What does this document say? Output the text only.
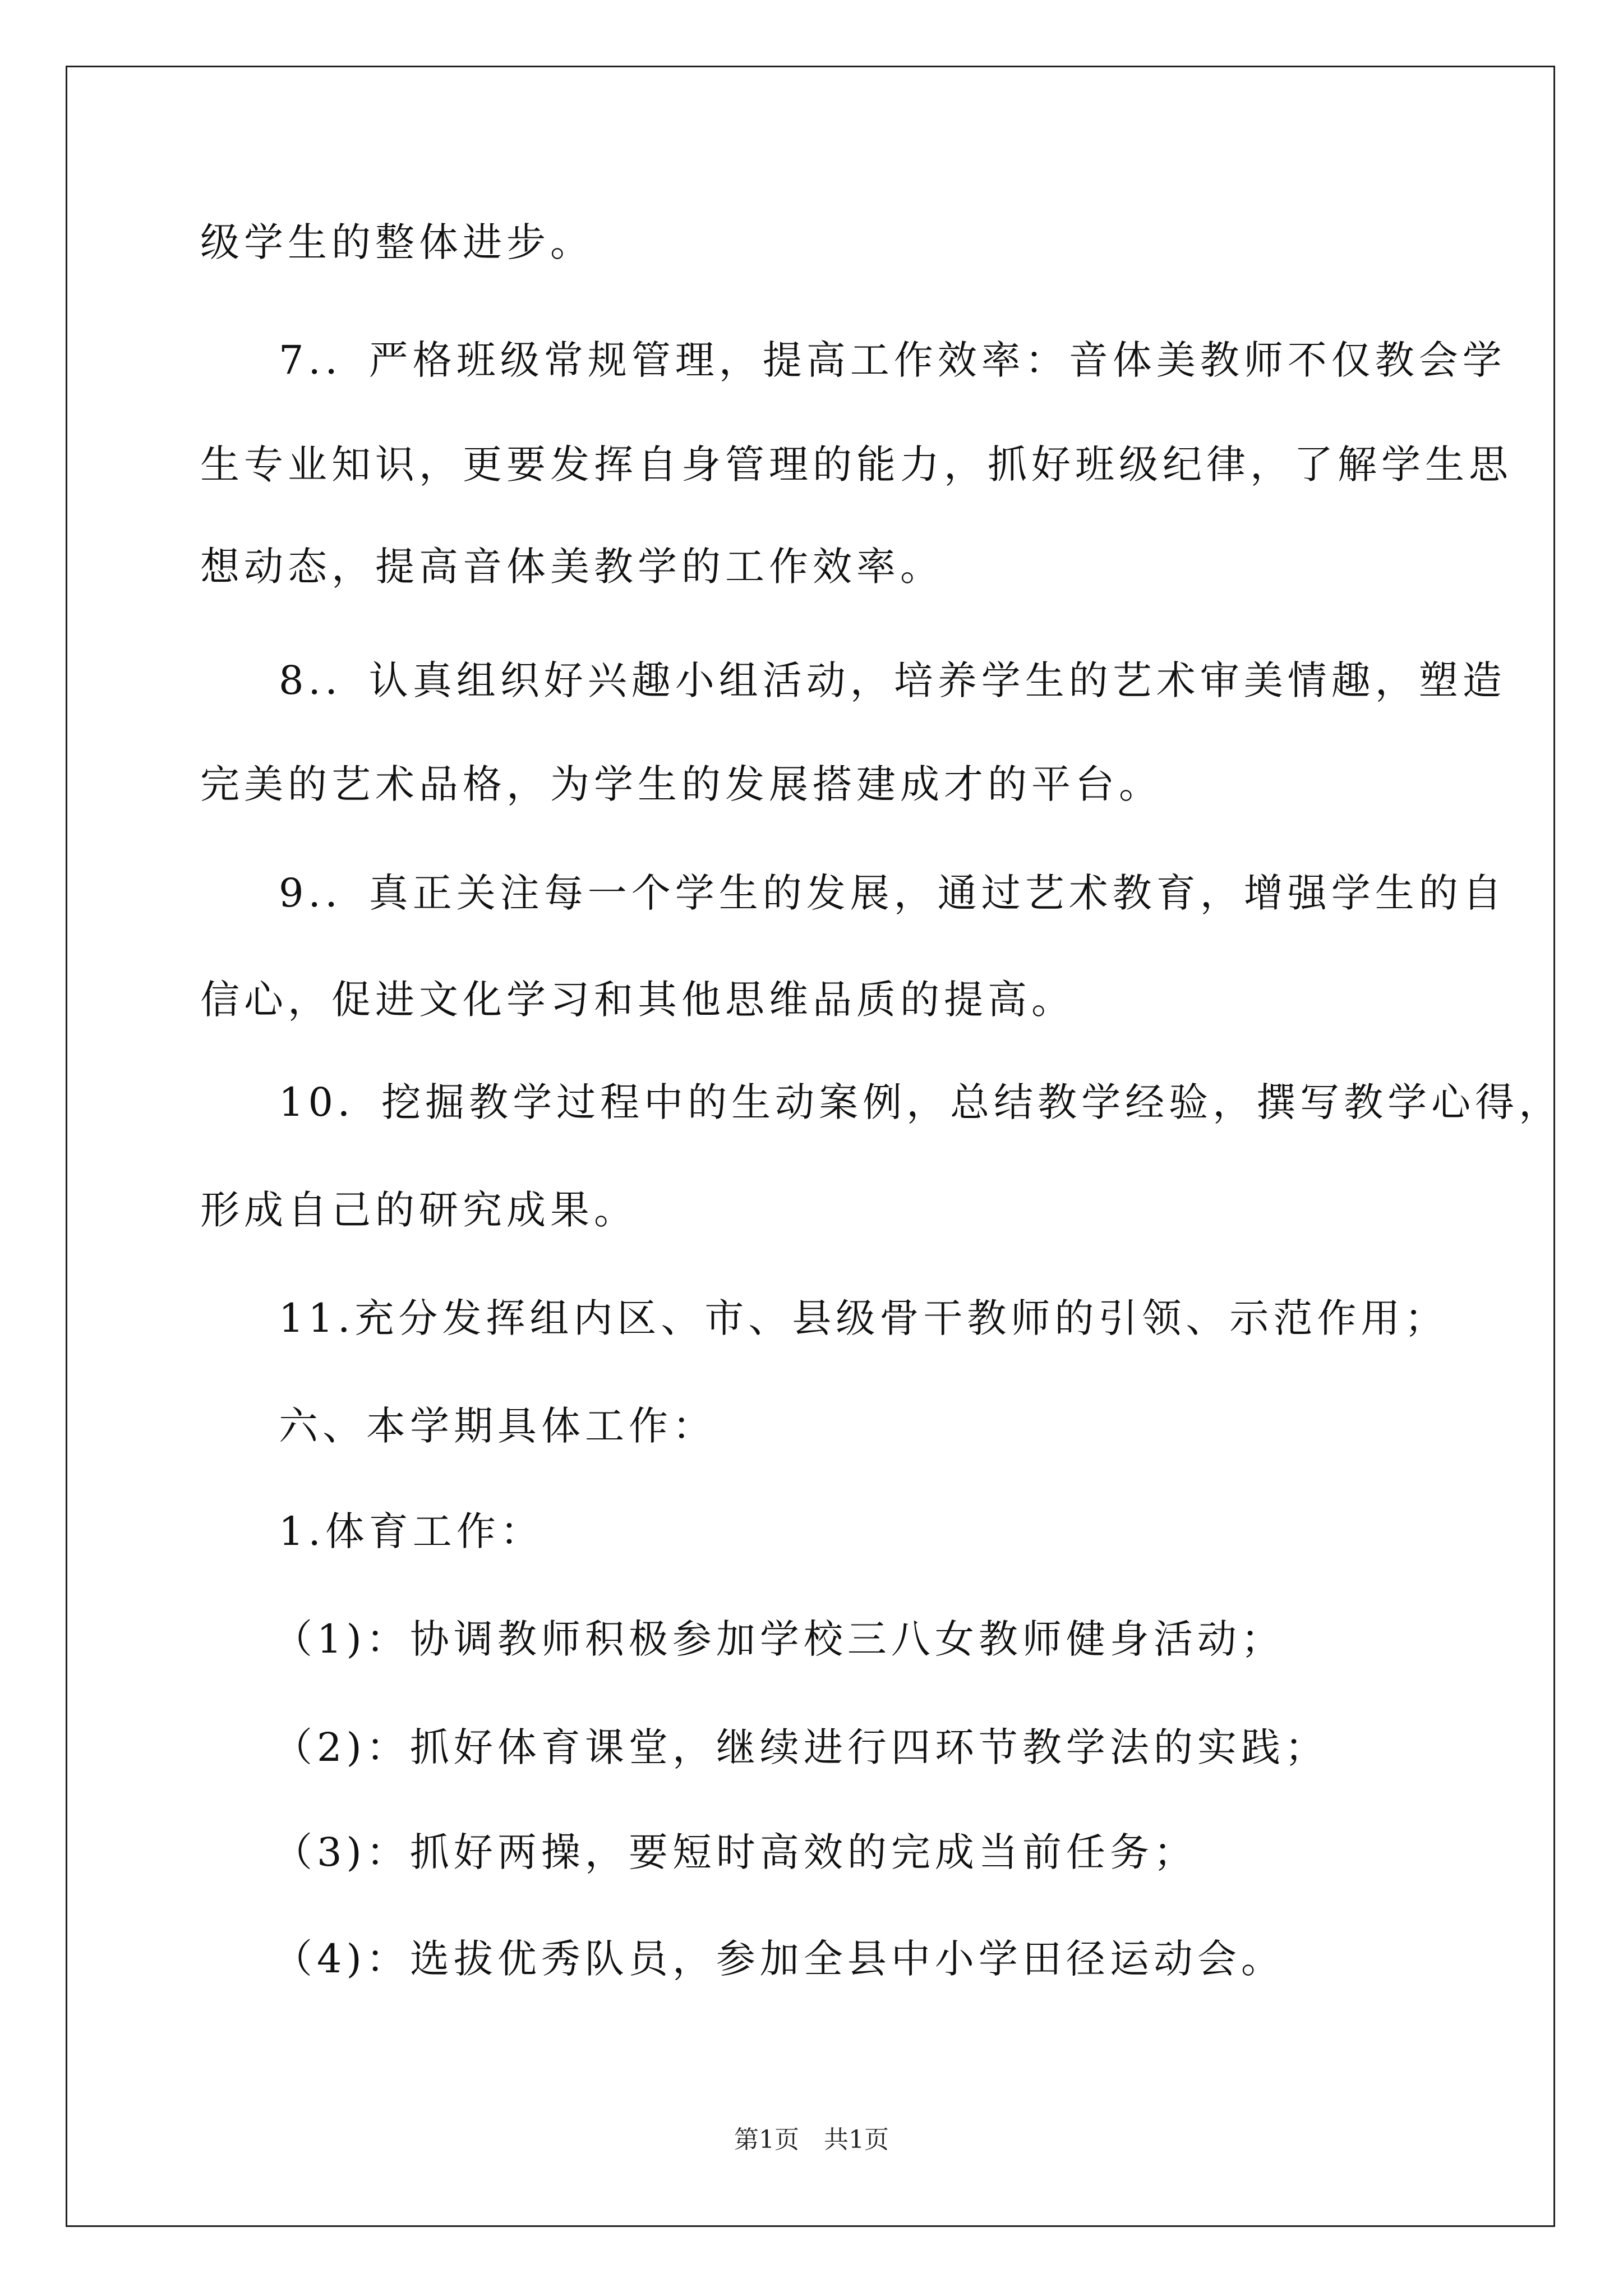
级学生的整体进步。

7.．严格班级常规管理，提高工作效率：音体美教师不仅教会学

生专业知识，更要发挥自身管理的能力，抓好班级纪律，了解学生思

想动态，提高音体美教学的工作效率。

8.．认真组织好兴趣小组活动，培养学生的艺术审美情趣，塑造

完美的艺术品格，为学生的发展搭建成才的平台。

9.．真正关注每一个学生的发展，通过艺术教育，增强学生的自

信心，促进文化学习和其他思维品质的提高。

10．挖掘教学过程中的生动案例，总结教学经验，撰写教学心得，

形成自己的研究成果。

11.充分发挥组内区、市、县级骨干教师的引领、示范作用；

六、本学期具体工作：

1.体育工作：

（1)：协调教师积极参加学校三八女教师健身活动；

（2)：抓好体育课堂，继续进行四环节教学法的实践；

（3)：抓好两操，要短时高效的完成当前任务；

（4)：选拔优秀队员，参加全县中小学田径运动会。

第1页　共1页
